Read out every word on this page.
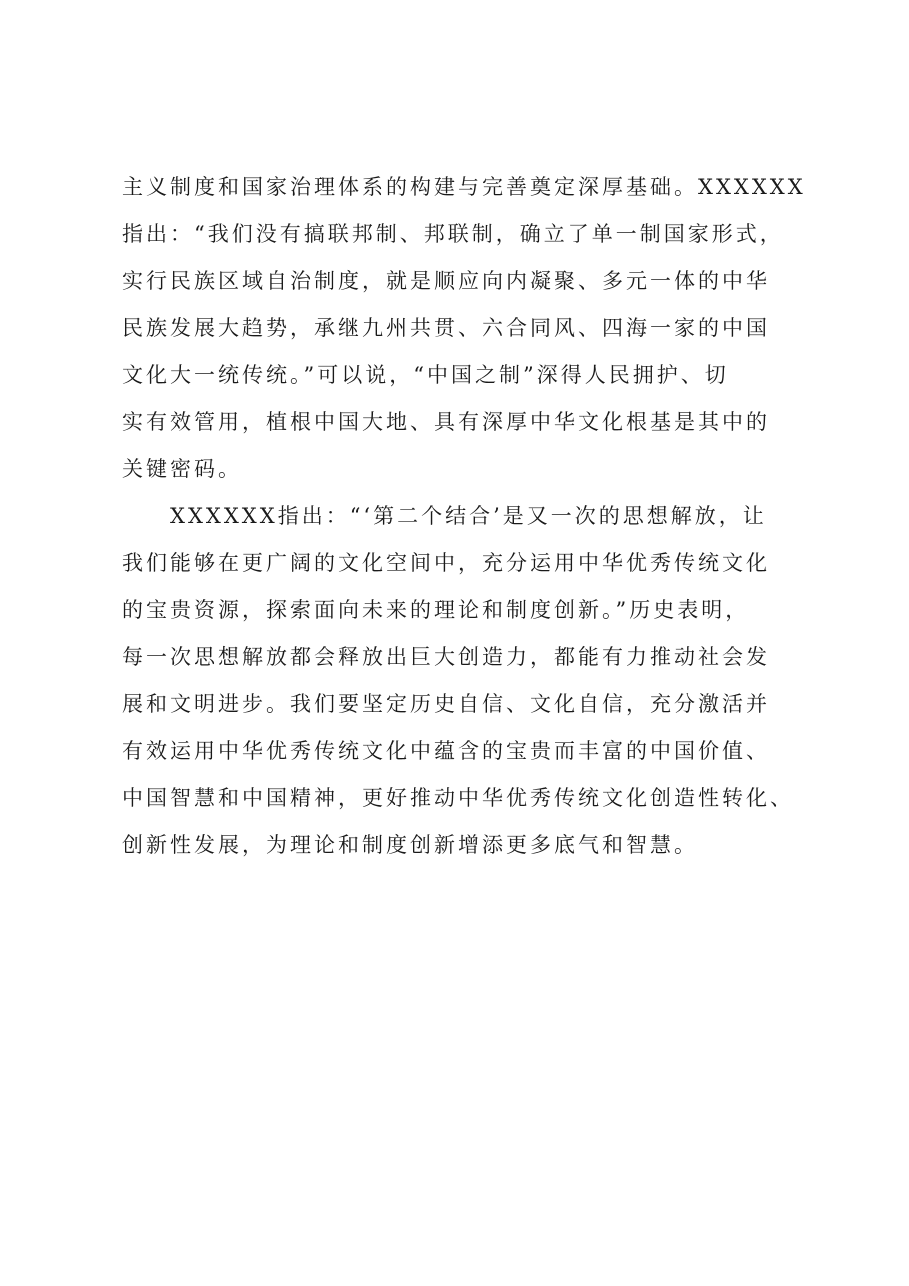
主义制度和国家治理体系的构建与完善奠定深厚基础。XXXXXX
指出：“我们没有搞联邦制、邦联制，确立了单一制国家形式，
实行民族区域自治制度，就是顺应向内凝聚、多元一体的中华
民族发展大趋势，承继九州共贯、六合同风、四海一家的中国
文化大一统传统。”可以说，“中国之制”深得人民拥护、切
实有效管用，植根中国大地、具有深厚中华文化根基是其中的
关键密码。
XXXXXX指出：“‘第二个结合’是又一次的思想解放，让
我们能够在更广阔的文化空间中，充分运用中华优秀传统文化
的宝贵资源，探索面向未来的理论和制度创新。”历史表明，
每一次思想解放都会释放出巨大创造力，都能有力推动社会发
展和文明进步。我们要坚定历史自信、文化自信，充分激活并
有效运用中华优秀传统文化中蕴含的宝贵而丰富的中国价值、
中国智慧和中国精神，更好推动中华优秀传统文化创造性转化、
创新性发展，为理论和制度创新增添更多底气和智慧。
